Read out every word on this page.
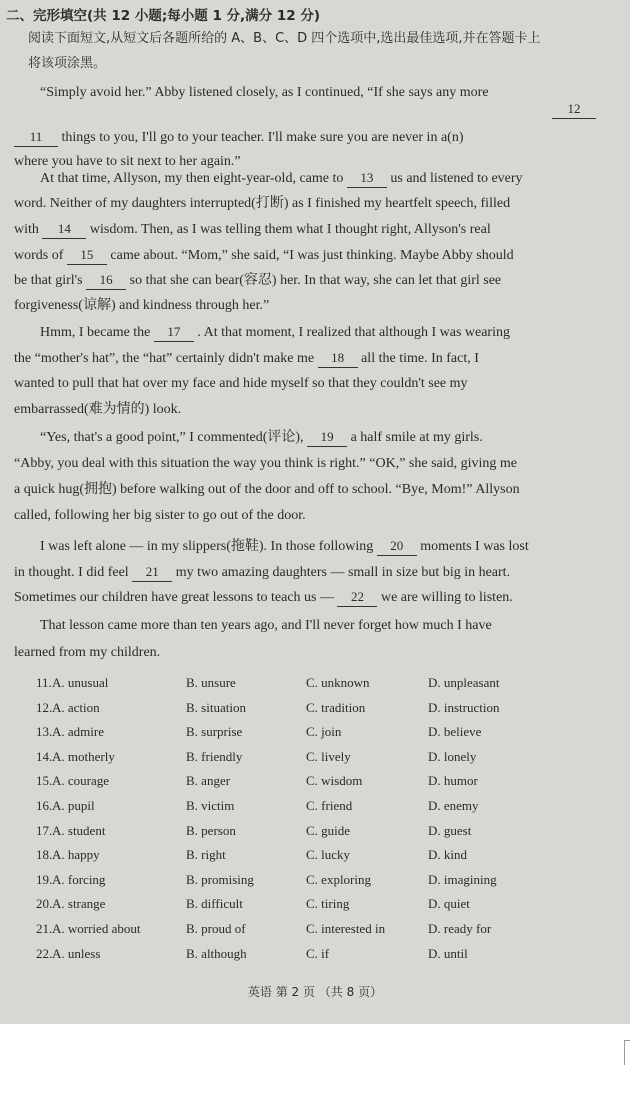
二、完形填空(共 12 小题;每小题 1 分,满分 12 分)
阅读下面短文,从短文后各题所给的 A、B、C、D 四个选项中,选出最佳选项,并在答题卡上
将该项涂黑。
“Simply avoid her.” Abby listened closely, as I continued, “If she says any more
12
11 things to you, I'll go to your teacher. I'll make sure you are never in a(n)
where you have to sit next to her again.”
At that time, Allyson, my then eight-year-old, came to 13 us and listened to every
word. Neither of my daughters interrupted(打断) as I finished my heartfelt speech, filled
with 14 wisdom. Then, as I was telling them what I thought right, Allyson's real
words of 15 came about. “Mom,” she said, “I was just thinking. Maybe Abby should
be that girl's 16 so that she can bear(容忍) her. In that way, she can let that girl see
forgiveness(谅解) and kindness through her.”
Hmm, I became the 17 . At that moment, I realized that although I was wearing
the “mother's hat”, the “hat” certainly didn't make me 18 all the time. In fact, I
wanted to pull that hat over my face and hide myself so that they couldn't see my
embarrassed(难为情的) look.
“Yes, that's a good point,” I commented(评论), 19 a half smile at my girls.
“Abby, you deal with this situation the way you think is right.” “OK,” she said, giving me
a quick hug(拥抱) before walking out of the door and off to school. “Bye, Mom!” Allyson
called, following her big sister to go out of the door.
I was left alone — in my slippers(拖鞋). In those following 20 moments I was lost
in thought. I did feel 21 my two amazing daughters — small in size but big in heart.
Sometimes our children have great lessons to teach us — 22 we are willing to listen.
That lesson came more than ten years ago, and I'll never forget how much I have
learned from my children.
11. A. unusual	B. unsure	C. unknown	D. unpleasant
12. A. action	B. situation	C. tradition	D. instruction
13. A. admire	B. surprise	C. join	D. believe
14. A. motherly	B. friendly	C. lively	D. lonely
15. A. courage	B. anger	C. wisdom	D. humor
16. A. pupil	B. victim	C. friend	D. enemy
17. A. student	B. person	C. guide	D. guest
18. A. happy	B. right	C. lucky	D. kind
19. A. forcing	B. promising	C. exploring	D. imagining
20. A. strange	B. difficult	C. tiring	D. quiet
21. A. worried about	B. proud of	C. interested in	D. ready for
22. A. unless	B. although	C. if	D. until
英语 第 2 页 （共 8 页）
